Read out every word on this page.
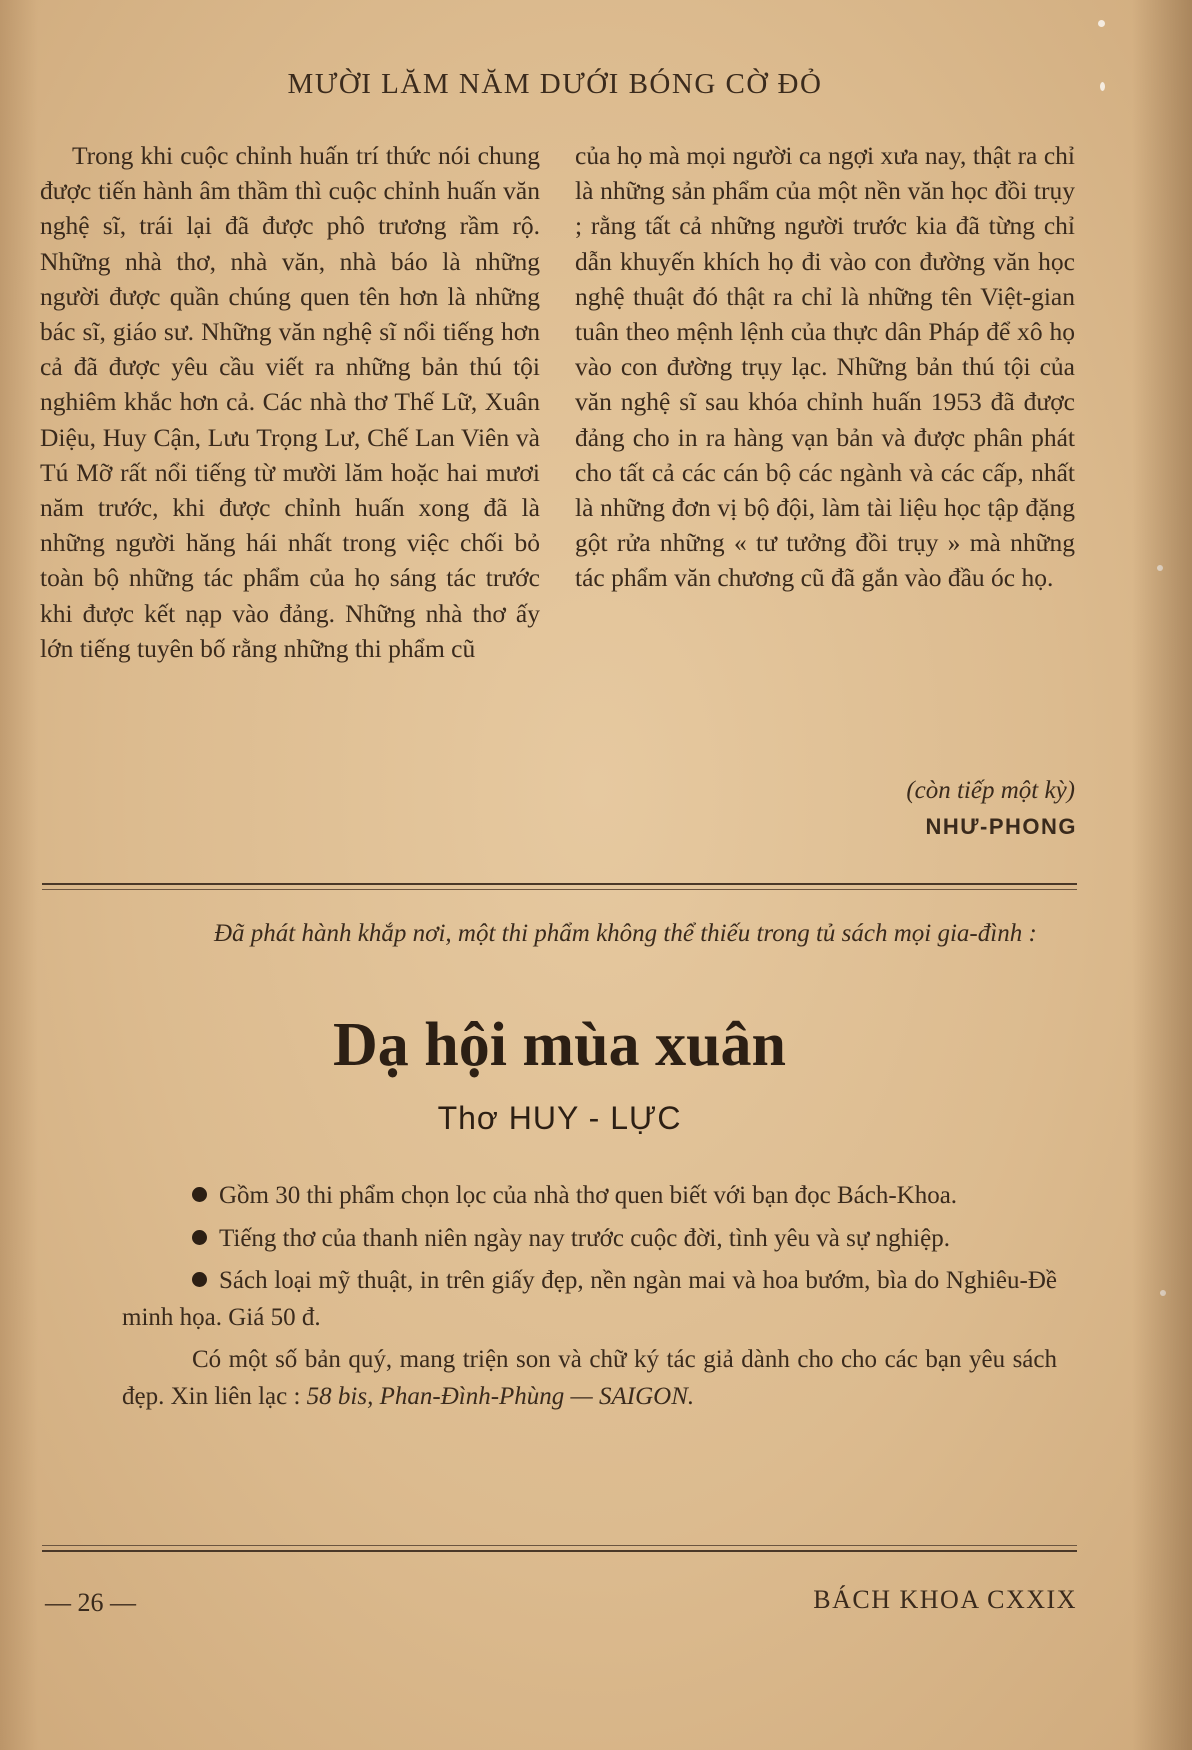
MƯỜI LĂM NĂM DƯỚI BÓNG CỜ ĐỎ

Trong khi cuộc chỉnh huấn trí thức nói chung được tiến hành âm thầm thì cuộc chỉnh huấn văn nghệ sĩ, trái lại đã được phô trương rầm rộ. Những nhà thơ, nhà văn, nhà báo là những người được quần chúng quen tên hơn là những bác sĩ, giáo sư. Những văn nghệ sĩ nổi tiếng hơn cả đã được yêu cầu viết ra những bản thú tội nghiêm khắc hơn cả. Các nhà thơ Thế Lữ, Xuân Diệu, Huy Cận, Lưu Trọng Lư, Chế Lan Viên và Tú Mỡ rất nổi tiếng từ mười lăm hoặc hai mươi năm trước, khi được chỉnh huấn xong đã là những người hăng hái nhất trong việc chối bỏ toàn bộ những tác phẩm của họ sáng tác trước khi được kết nạp vào đảng. Những nhà thơ ấy lớn tiếng tuyên bố rằng những thi phẩm cũ

của họ mà mọi người ca ngợi xưa nay, thật ra chỉ là những sản phẩm của một nền văn học đồi trụy ; rằng tất cả những người trước kia đã từng chỉ dẫn khuyến khích họ đi vào con đường văn học nghệ thuật đó thật ra chỉ là những tên Việt-gian tuân theo mệnh lệnh của thực dân Pháp để xô họ vào con đường trụy lạc. Những bản thú tội của văn nghệ sĩ sau khóa chỉnh huấn 1953 đã được đảng cho in ra hàng vạn bản và được phân phát cho tất cả các cán bộ các ngành và các cấp, nhất là những đơn vị bộ đội, làm tài liệu học tập đặng gột rửa những « tư tưởng đồi trụy » mà những tác phẩm văn chương cũ đã gắn vào đầu óc họ.

(còn tiếp một kỳ)
NHƯ-PHONG
Đã phát hành khắp nơi, một thi phẩm không thể thiếu trong tủ sách mọi gia-đình :
Dạ hội mùa xuân
Thơ HUY - LỰC

Gồm 30 thi phẩm chọn lọc của nhà thơ quen biết với bạn đọc Bách-Khoa.

Tiếng thơ của thanh niên ngày nay trước cuộc đời, tình yêu và sự nghiệp.

Sách loại mỹ thuật, in trên giấy đẹp, nền ngàn mai và hoa bướm, bìa do Nghiêu-Đề minh họa. Giá 50 đ.

Có một số bản quý, mang triện son và chữ ký tác giả dành cho cho các bạn yêu sách đẹp. Xin liên lạc : 58 bis, Phan-Đình-Phùng — SAIGON.

— 26 —	BÁCH KHOA CXXIX
